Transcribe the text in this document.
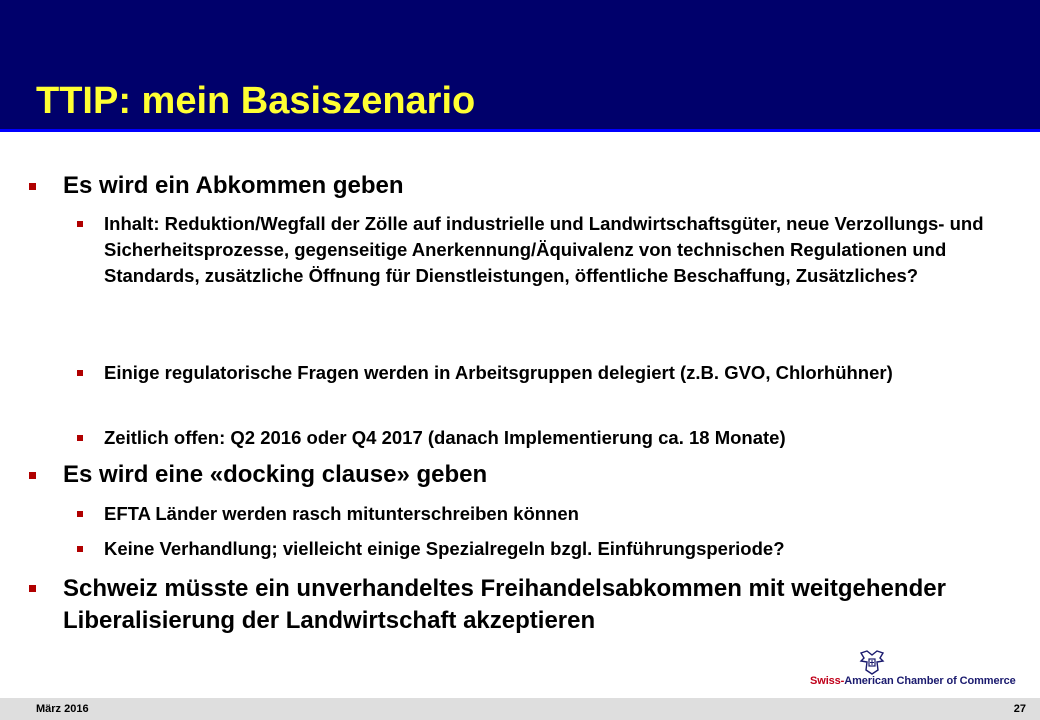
TTIP: mein Basiszenario
Es wird ein Abkommen geben
Inhalt: Reduktion/Wegfall der Zölle auf industrielle und Landwirtschaftsgüter, neue Verzollungs- und Sicherheitsprozesse, gegenseitige Anerkennung/Äquivalenz von technischen Regulationen und Standards, zusätzliche Öffnung für Dienstleistungen, öffentliche Beschaffung, Zusätzliches?
Einige regulatorische Fragen werden in Arbeitsgruppen delegiert (z.B. GVO, Chlorhühner)
Zeitlich offen: Q2 2016 oder Q4 2017 (danach Implementierung ca. 18 Monate)
Es wird eine «docking clause» geben
EFTA Länder werden rasch mitunterschreiben können
Keine Verhandlung; vielleicht einige Spezialregeln bzgl. Einführungsperiode?
Schweiz müsste ein unverhandeltes Freihandelsabkommen mit weitgehender Liberalisierung der Landwirtschaft akzeptieren
Swiss-American Chamber of Commerce
März 2016	27
